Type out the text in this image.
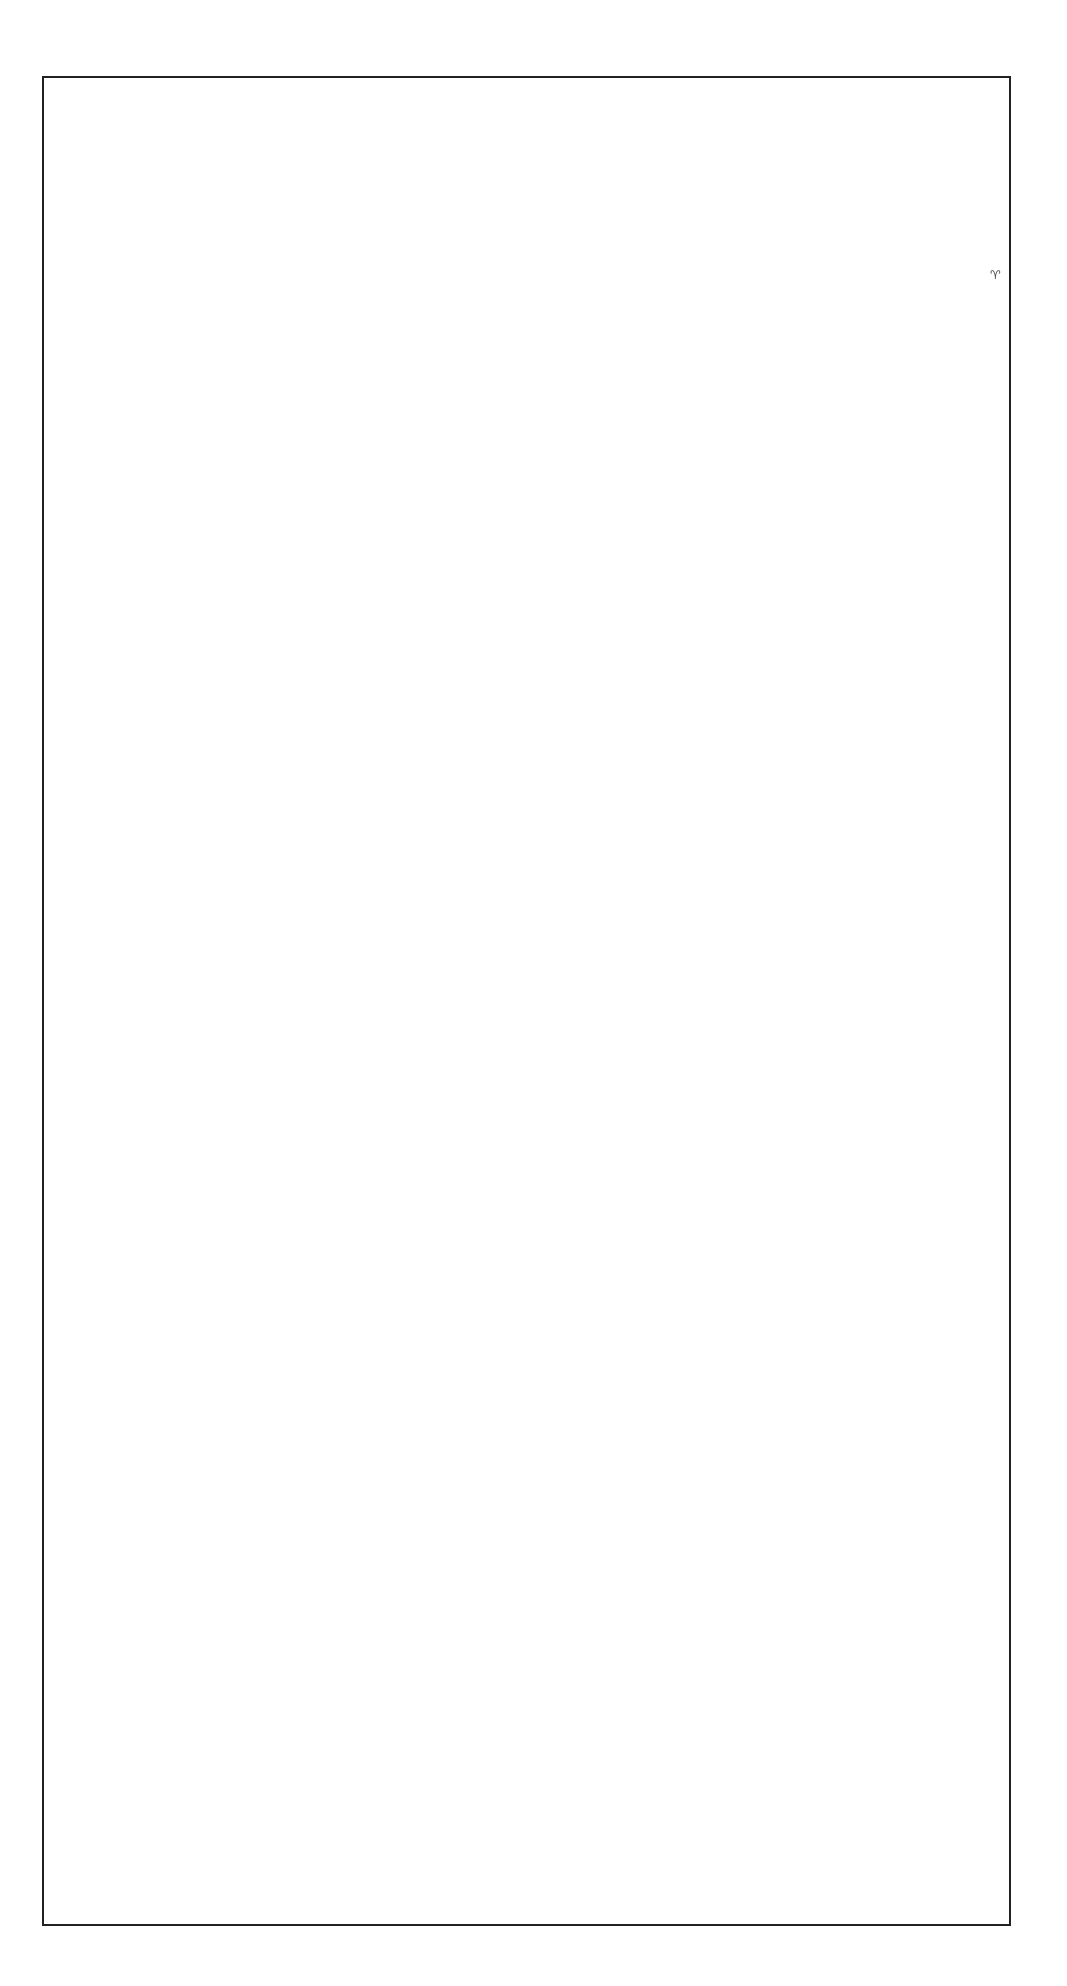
♈
